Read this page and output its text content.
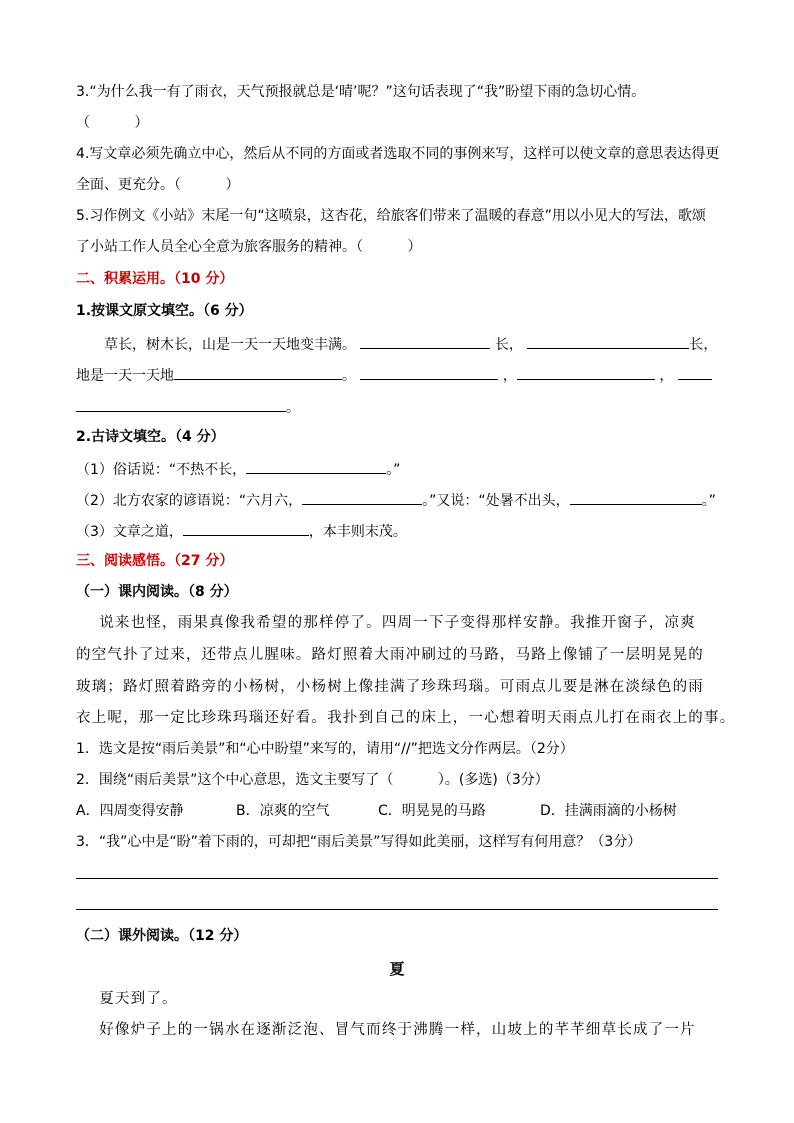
3.“为什么我一有了雨衣，天气预报就总是‘晴’呢？”这句话表现了“我”盼望下雨的急切心情。
（          ）
4.写文章必须先确立中心，然后从不同的方面或者选取不同的事例来写，这样可以使文章的意思表达得更
全面、更充分。（          ）
5.习作例文《小站》末尾一句“这喷泉，这杏花，给旅客们带来了温暖的春意”用以小见大的写法，歌颂
了小站工作人员全心全意为旅客服务的精神。（          ）
二、积累运用。（10 分）
1.按课文原文填空。（6 分）
草长，树木长，山是一天一天地变丰满。	长，	长，
地是一天一天地	。	，	，
。
2.古诗文填空。（4 分）
（1）俗话说：“不热不长，	。”
（2）北方农家的谚语说：“六月六，	。”又说：“处暑不出头，	。”
（3）文章之道，	，本丰则末茂。
三、阅读感悟。（27 分）
（一）课内阅读。（8 分）
说来也怪，雨果真像我希望的那样停了。四周一下子变得那样安静。我推开窗子，凉爽
的空气扑了过来，还带点儿腥味。路灯照着大雨冲刷过的马路，马路上像铺了一层明晃晃的
玻璃；路灯照着路旁的小杨树，小杨树上像挂满了珍珠玛瑙。可雨点儿要是淋在淡绿色的雨
衣上呢，那一定比珍珠玛瑙还好看。我扑到自己的床上，一心想着明天雨点儿打在雨衣上的事。
1．选文是按“雨后美景”和“心中盼望”来写的，请用“//”把选文分作两层。（2分）
2．围绕“雨后美景”这个中心意思，选文主要写了（          ）。(多选)（3分）
A．四周变得安静	B．凉爽的空气	C．明晃晃的马路	D．挂满雨滴的小杨树
3．“我”心中是“盼”着下雨的，可却把“雨后美景”写得如此美丽，这样写有何用意？（3分）
（二）课外阅读。（12 分）
夏
夏天到了。
好像炉子上的一锅水在逐渐泛泡、冒气而终于沸腾一样，山坡上的芊芊细草长成了一片
